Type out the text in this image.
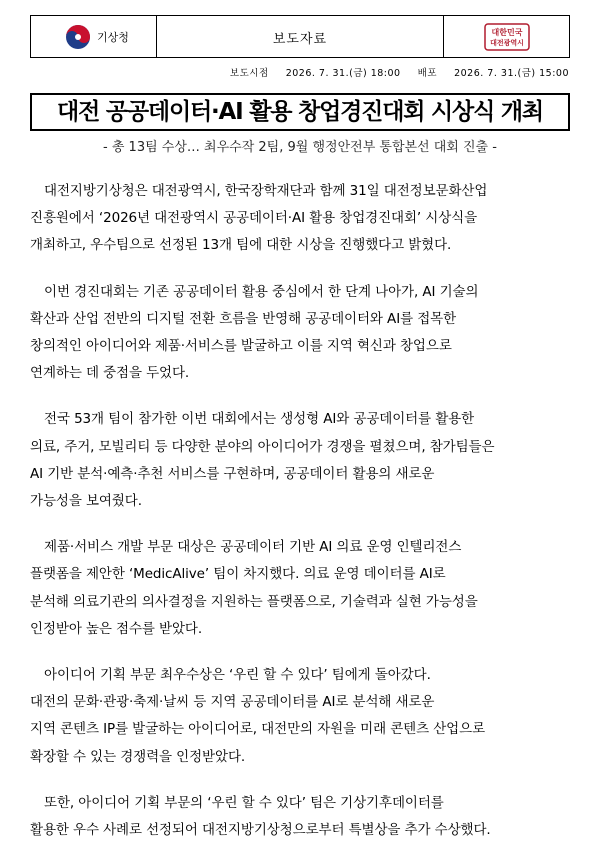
기상청	보도자료	대한민국
대전광역시
보도시점 2026. 7. 31.(금) 18:00 배포 2026. 7. 31.(금) 15:00
대전 공공데이터·AI 활용 창업경진대회 시상식 개최
- 총 13팀 수상… 최우수작 2팀, 9월 행정안전부 통합본선 대회 진출 -
대전지방기상청은 대전광역시, 한국장학재단과 함께 31일 대전정보문화산업
진흥원에서 ‘2026년 대전광역시 공공데이터·AI 활용 창업경진대회’ 시상식을
개최하고, 우수팀으로 선정된 13개 팀에 대한 시상을 진행했다고 밝혔다.
이번 경진대회는 기존 공공데이터 활용 중심에서 한 단계 나아가, AI 기술의
확산과 산업 전반의 디지털 전환 흐름을 반영해 공공데이터와 AI를 접목한
창의적인 아이디어와 제품·서비스를 발굴하고 이를 지역 혁신과 창업으로
연계하는 데 중점을 두었다.
전국 53개 팀이 참가한 이번 대회에서는 생성형 AI와 공공데이터를 활용한
의료, 주거, 모빌리티 등 다양한 분야의 아이디어가 경쟁을 펼쳤으며, 참가팀들은
AI 기반 분석·예측·추천 서비스를 구현하며, 공공데이터 활용의 새로운
가능성을 보여줬다.
제품·서비스 개발 부문 대상은 공공데이터 기반 AI 의료 운영 인텔리전스
플랫폼을 제안한 ‘MedicAlive’ 팀이 차지했다. 의료 운영 데이터를 AI로
분석해 의료기관의 의사결정을 지원하는 플랫폼으로, 기술력과 실현 가능성을
인정받아 높은 점수를 받았다.
아이디어 기획 부문 최우수상은 ‘우린 할 수 있다’ 팀에게 돌아갔다.
대전의 문화·관광·축제·날씨 등 지역 공공데이터를 AI로 분석해 새로운
지역 콘텐츠 IP를 발굴하는 아이디어로, 대전만의 자원을 미래 콘텐츠 산업으로
확장할 수 있는 경쟁력을 인정받았다.
또한, 아이디어 기획 부문의 ‘우린 할 수 있다’ 팀은 기상기후데이터를
활용한 우수 사례로 선정되어 대전지방기상청으로부터 특별상을 추가 수상했다.
